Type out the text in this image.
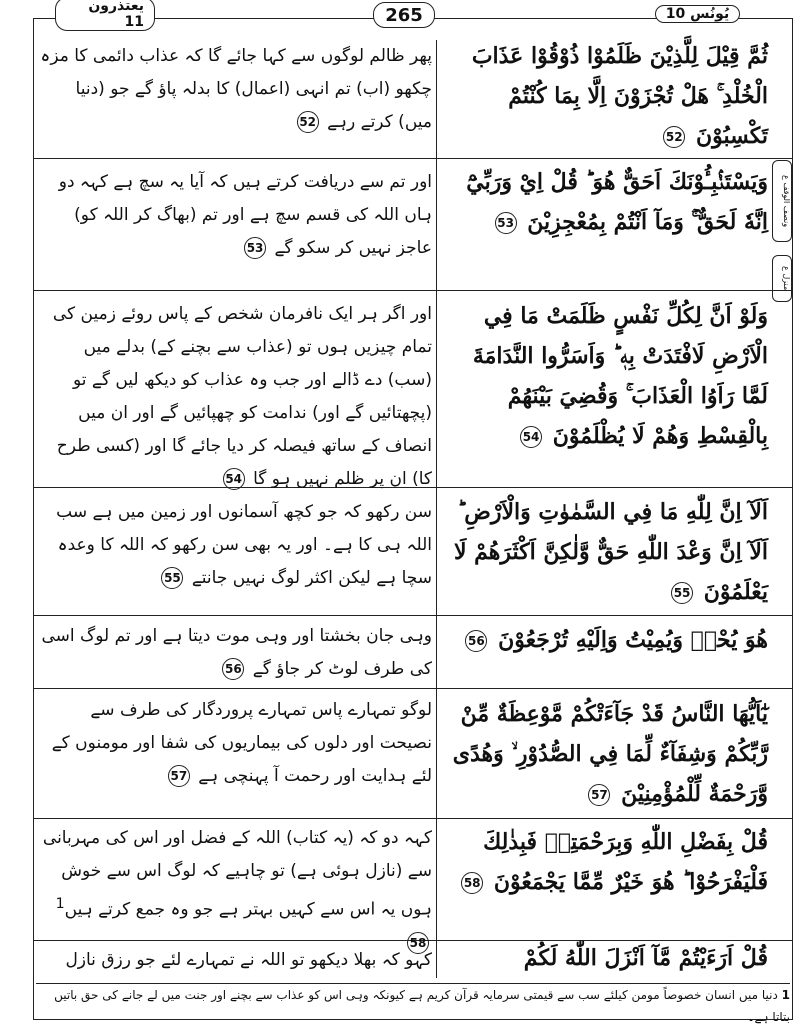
یُونُس 10
265
یعتذرون 11
ونصف الوقف ع
منزل ع
ثُمَّ قِيْلَ لِلَّذِيْنَ ظَلَمُوْا ذُوْقُوْا عَذَابَ الْخُلْدِ ۚ هَلْ تُجْزَوْنَ اِلَّا بِمَا كُنْتُمْ تَكْسِبُوْنَ 52
پھر ظالم لوگوں سے کہا جائے گا کہ عذاب دائمی کا مزہ چکھو (اب) تم انہی (اعمال) کا بدلہ پاؤ گے جو (دنیا میں) کرتے رہے 52
وَيَسْتَنْۢبِـُٔوْنَكَ اَحَقٌّ هُوَ ؕ قُلْ اِيْ وَرَبِّيْٓ اِنَّهٗ لَحَقٌّ ۚؔ وَمَآ اَنْتُمْ بِمُعْجِزِيْنَ 53
اور تم سے دریافت کرتے ہیں کہ آیا یہ سچ ہے کہہ دو ہاں اللہ کی قسم سچ ہے اور تم (بھاگ کر اللہ کو) عاجز نہیں کر سکو گے 53
وَلَوْ اَنَّ لِكُلِّ نَفْسٍ ظَلَمَتْ مَا فِي الْاَرْضِ لَافْتَدَتْ بِهٖ ؕ وَاَسَرُّوا النَّدَامَةَ لَمَّا رَاَوُا الْعَذَابَ ۚ وَقُضِيَ بَيْنَهُمْ بِالْقِسْطِ وَهُمْ لَا يُظْلَمُوْنَ 54
اور اگر ہر ایک نافرمان شخص کے پاس روئے زمین کی تمام چیزیں ہوں تو (عذاب سے بچنے کے) بدلے میں (سب) دے ڈالے اور جب وہ عذاب کو دیکھ لیں گے تو (پچھتائیں گے اور) ندامت کو چھپائیں گے اور ان میں انصاف کے ساتھ فیصلہ کر دیا جائے گا اور (کسی طرح کا) ان پر ظلم نہیں ہو گا 54
اَلَآ اِنَّ لِلّٰهِ مَا فِي السَّمٰوٰتِ وَالْاَرْضِ ؕ اَلَآ اِنَّ وَعْدَ اللّٰهِ حَقٌّ وَّلٰكِنَّ اَكْثَرَهُمْ لَا يَعْلَمُوْنَ 55
سن رکھو کہ جو کچھ آسمانوں اور زمین میں ہے سب اللہ ہی کا ہے۔ اور یہ بھی سن رکھو کہ اللہ کا وعدہ سچا ہے لیکن اکثر لوگ نہیں جانتے 55
هُوَ يُحْيٖ وَيُمِيْتُ وَاِلَيْهِ تُرْجَعُوْنَ 56
وہی جان بخشتا اور وہی موت دیتا ہے اور تم لوگ اسی کی طرف لوٹ کر جاؤ گے 56
يٰٓاَيُّهَا النَّاسُ قَدْ جَآءَتْكُمْ مَّوْعِظَةٌ مِّنْ رَّبِّكُمْ وَشِفَآءٌ لِّمَا فِي الصُّدُوْرِ ۙ وَهُدًى وَّرَحْمَةٌ لِّلْمُؤْمِنِيْنَ 57
لوگو تمہارے پاس تمہارے پروردگار کی طرف سے نصیحت اور دلوں کی بیماریوں کی شفا اور مومنوں کے لئے ہدایت اور رحمت آ پہنچی ہے 57
قُلْ بِفَضْلِ اللّٰهِ وَبِرَحْمَتِهٖ فَبِذٰلِكَ فَلْيَفْرَحُوْا ؕ هُوَ خَيْرٌ مِّمَّا يَجْمَعُوْنَ 58
کہہ دو کہ (یہ کتاب) اللہ کے فضل اور اس کی مہربانی سے (نازل ہوئی ہے) تو چاہیے کہ لوگ اس سے خوش ہوں یہ اس سے کہیں بہتر ہے جو وہ جمع کرتے ہیں$^1$ 58
قُلْ اَرَءَيْتُمْ مَّآ اَنْزَلَ اللّٰهُ لَكُمْ
کہو کہ بھلا دیکھو تو اللہ نے تمہارے لئے جو رزق نازل
1 دنیا میں انسان خصوصاً مومن کیلئے سب سے قیمتی سرمایہ قرآن کریم ہے کیونکہ وہی اس کو عذاب سے بچنے اور جنت میں لے جانے کی حق باتیں بتاتا ہے۔
